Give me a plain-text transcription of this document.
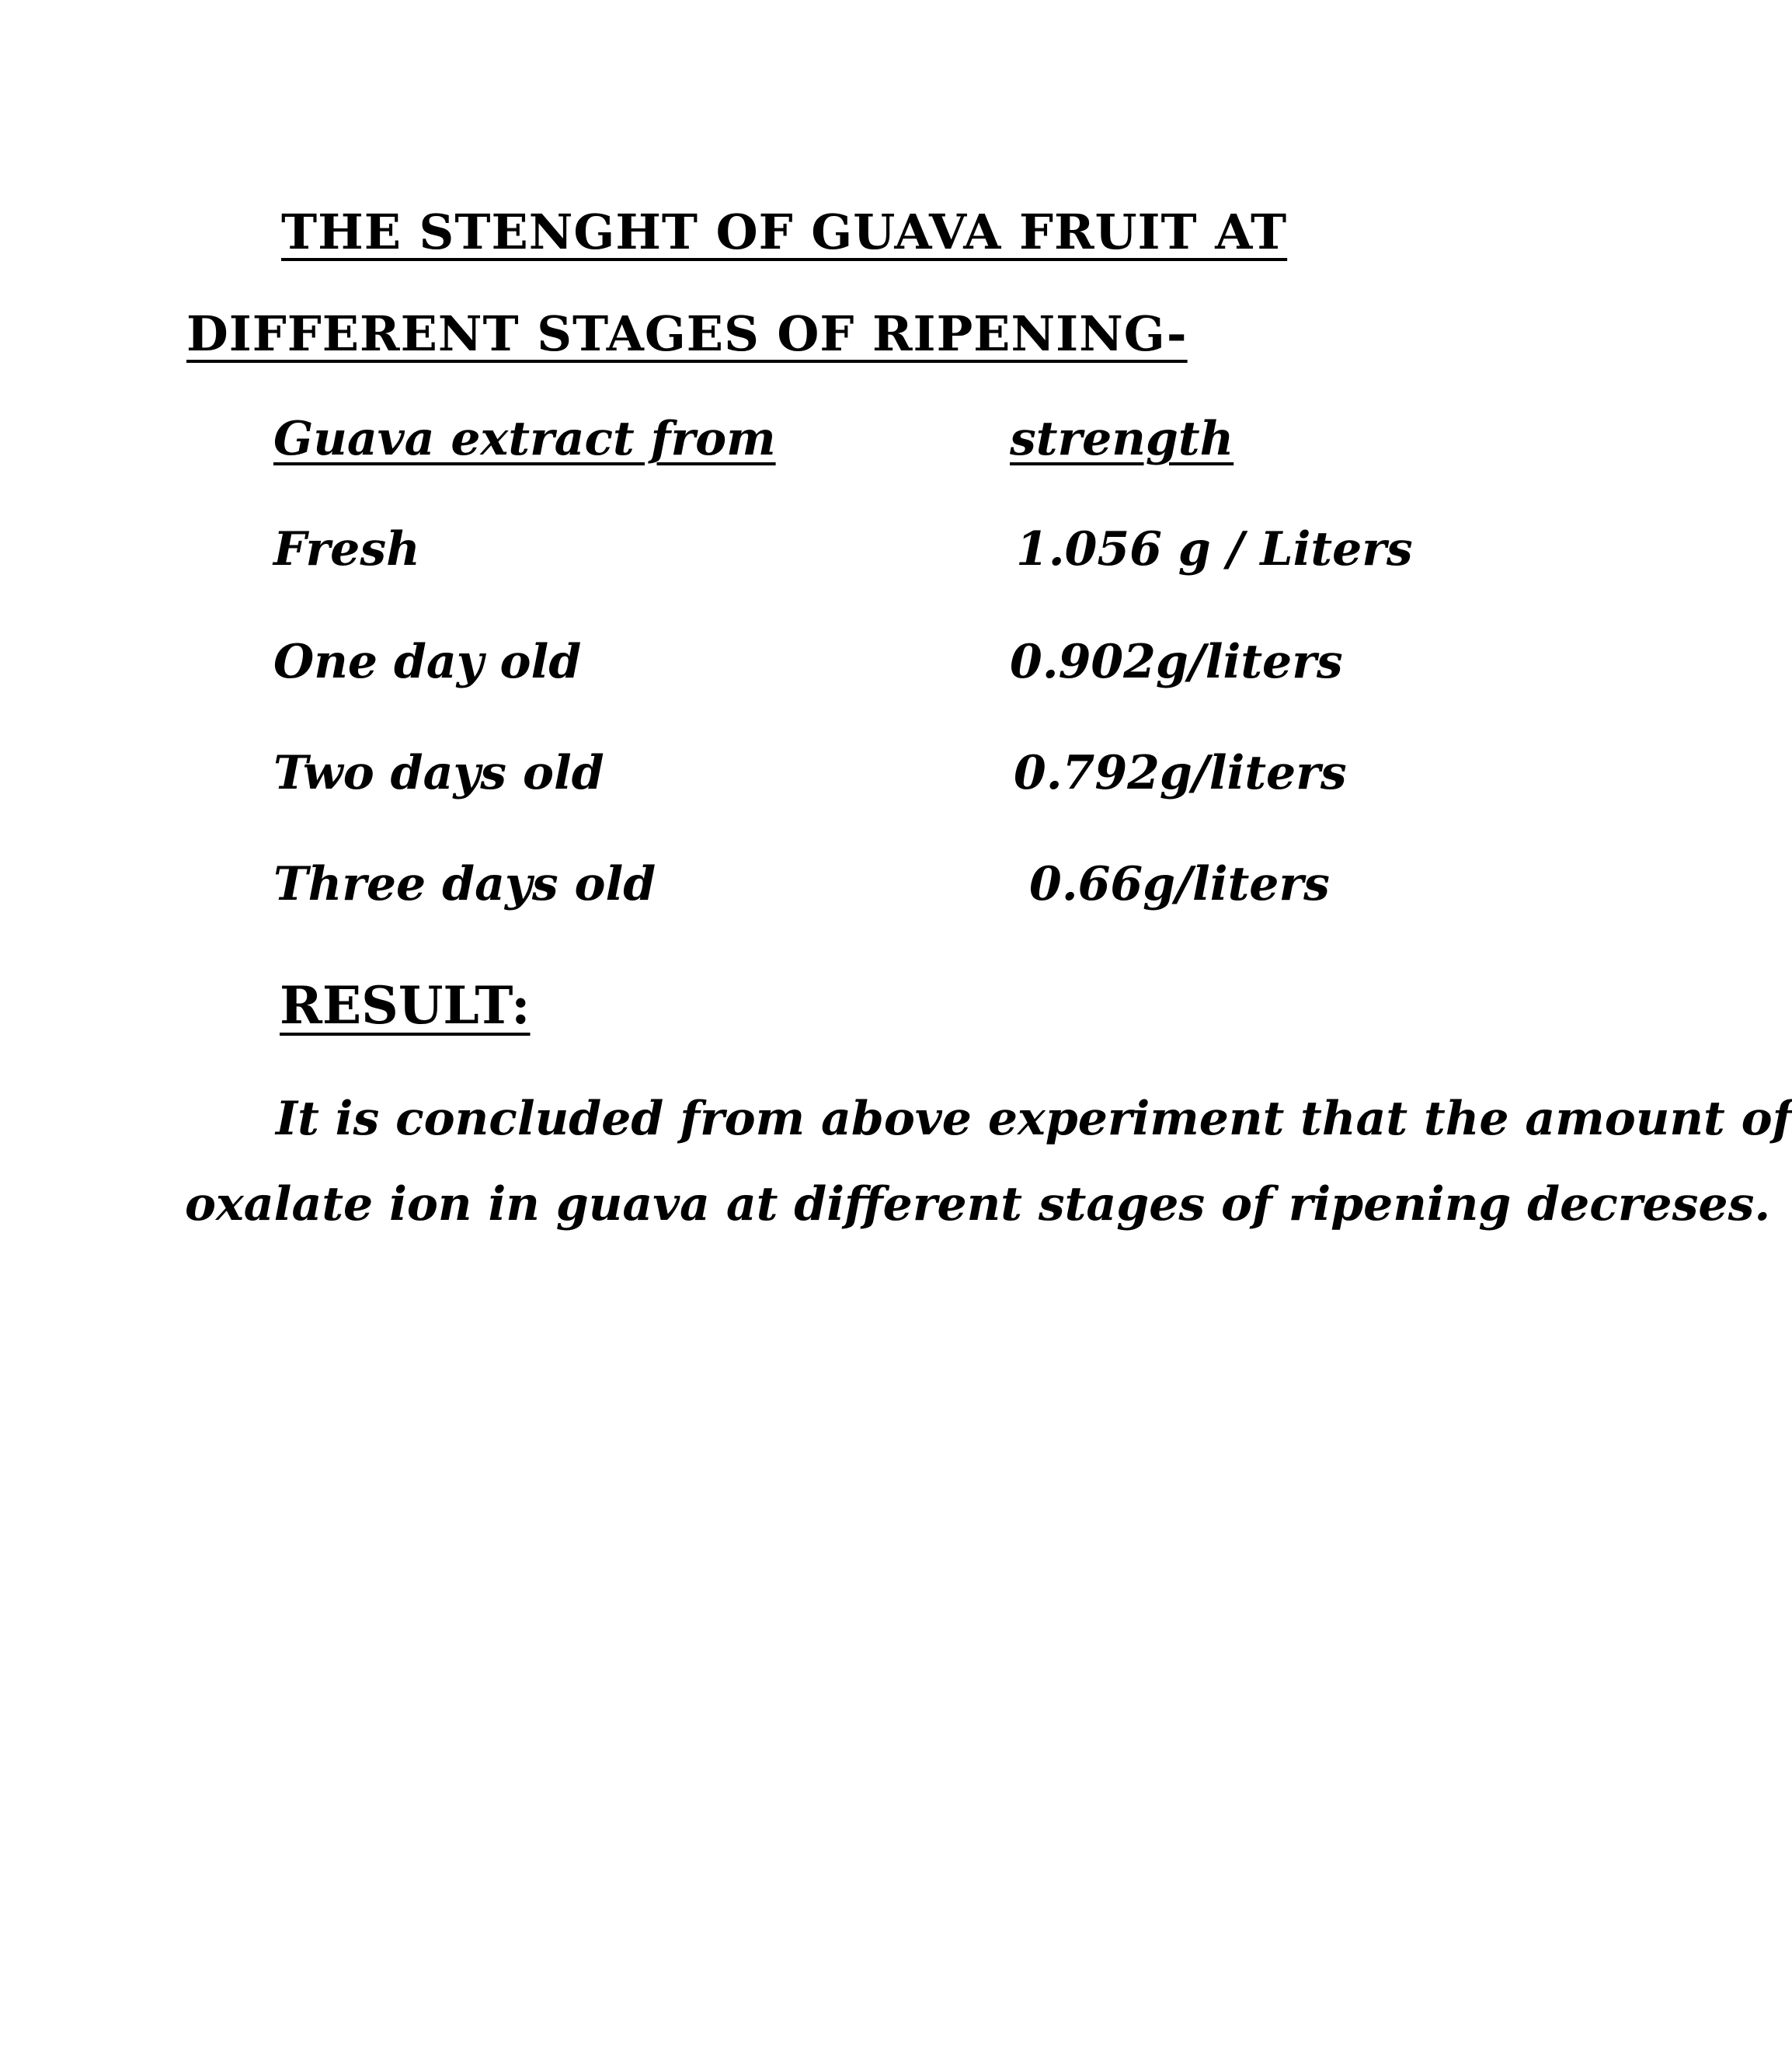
THE STENGHT OF GUAVA FRUIT AT
DIFFERENT STAGES OF RIPENING-
Guava extract from	strength
Fresh	1.056 g / Liters
One day old	0.902g/liters
Two days old	0.792g/liters
Three days old	0.66g/liters
RESULT:
It is concluded from above experiment that the amount of
oxalate ion in guava at different stages of ripening decreses.
